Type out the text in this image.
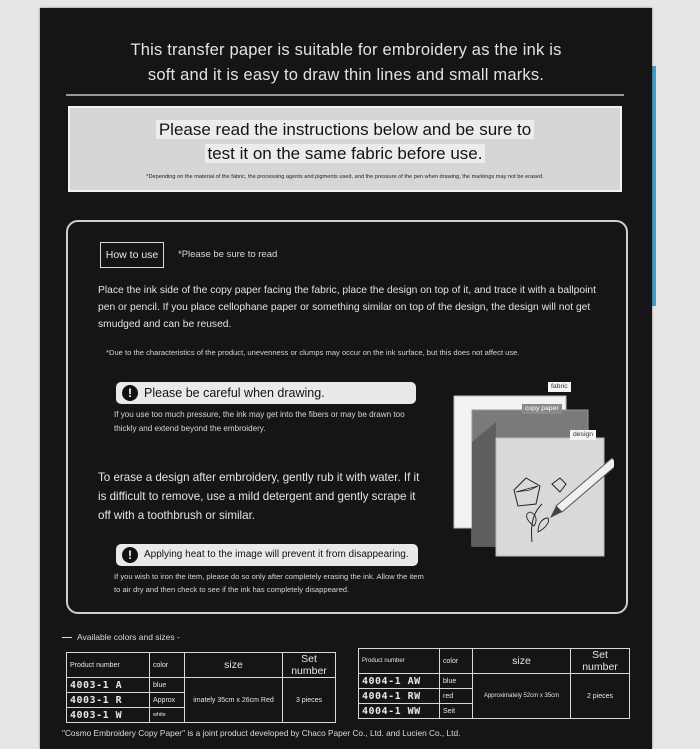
This transfer paper is suitable for embroidery as the ink is
soft and it is easy to draw thin lines and small marks.
Please read the instructions below and be sure to
test it on the same fabric before use.
*Depending on the material of the fabric, the processing agents and pigments used, and the pressure of the pen when drawing, the markings may not be erased.
How to use	*Please be sure to read
Place the ink side of the copy paper facing the fabric, place the design on top of it, and trace it with a ballpoint pen or pencil. If you place cellophane paper or something similar on top of the design, the design will not get smudged and can be reused.
*Due to the characteristics of the product, unevenness or clumps may occur on the ink surface, but this does not affect use.
! Please be careful when drawing.
If you use too much pressure, the ink may get into the fibers or may be drawn too thickly and extend beyond the embroidery.
To erase a design after embroidery, gently rub it with water. If it is difficult to remove, use a mild detergent and gently scrape it off with a toothbrush or similar.
!	Applying heat to the image will prevent it from disappearing.
If you wish to iron the item, please do so only after completely erasing the ink. Allow the item to air dry and then check to see if the ink has completely disappeared.
fabric
copy paper
design
Available colors and sizes -
Product number	color	size	Set number
4003-1 A	blue	imately 35cm x 26cm Red	3 pieces
4003-1 R	Approx		
4003-1 W	white		
Product number	color	size	Set number
4004-1 AW	blue	Approximately 52cm x 35cm	2 pieces
4004-1 RW	red		
4004-1 WW	Seit		
"Cosmo Embroidery Copy Paper" is a joint product developed by Chaco Paper Co., Ltd. and Lucien Co., Ltd.
